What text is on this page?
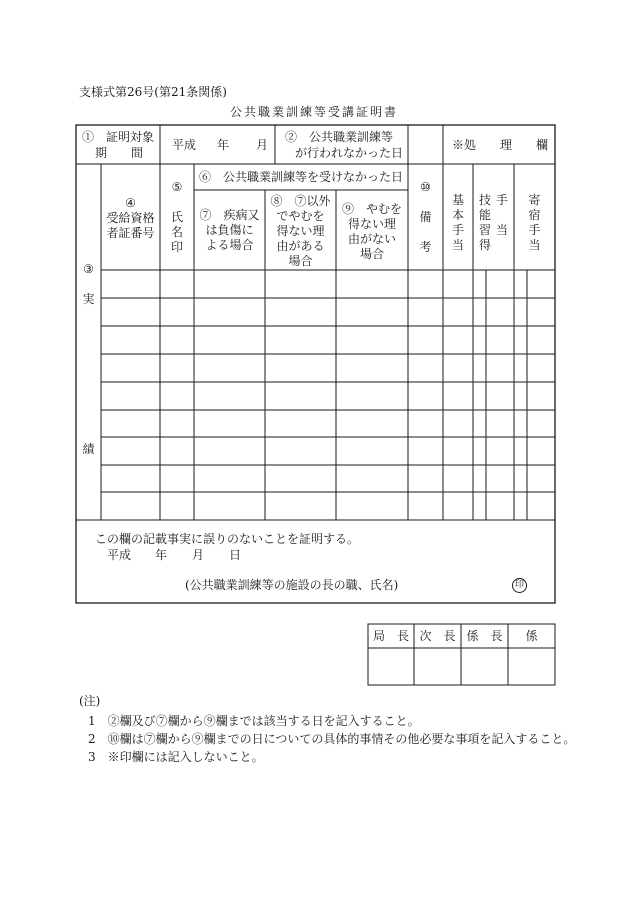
支様式第26号(第21条関係)
公共職業訓練等受講証明書
①　証明対象
期　　間
平成 年 月
②　公共職業訓練等
が行われなかった日
※処　　理　　欄
③

実

績
④
受給資格
者証番号
⑤

氏
名
印
⑥　公共職業訓練等を受けなかった日
⑦　疾病又
は負傷に
よる場合
⑧　⑦以外
でやむを
得ない理
由がある
場合
⑨　やむを
得ない理
由がない
場合
⑩

備

考
基
本
手
当
技
能
習
得
手

当
寄
宿
手
当
この欄の記載事実に誤りのないことを証明する。
平成 年 月 日
(公共職業訓練等の施設の長の職、氏名)	印
局　長 次　長 係　長	係
(注)
1　②欄及び⑦欄から⑨欄までは該当する日を記入すること。
2　⑩欄は⑦欄から⑨欄までの日についての具体的事情その他必要な事項を記入すること。
3　※印欄には記入しないこと。
